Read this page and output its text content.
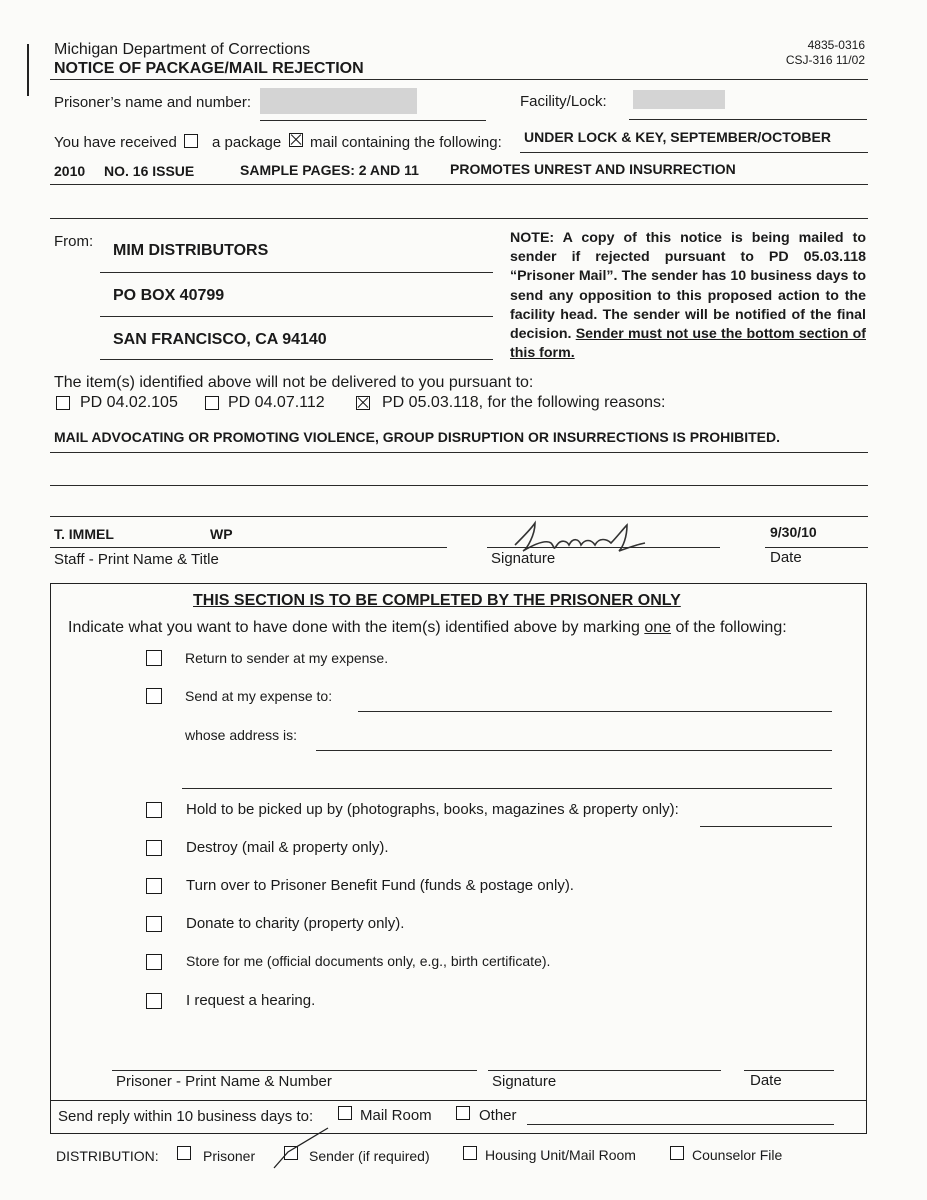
Michigan Department of Corrections
NOTICE OF PACKAGE/MAIL REJECTION
4835-0316
CSJ-316 11/02
Prisoner’s name and number:	Facility/Lock:
You have received a package mail containing the following: UNDER LOCK & KEY, SEPTEMBER/OCTOBER
2010 NO. 16 ISSUE	SAMPLE PAGES: 2 AND 11 PROMOTES UNREST AND INSURRECTION
From:
MIM DISTRIBUTORS
PO BOX 40799
SAN FRANCISCO, CA 94140
NOTE: A copy of this notice is being mailed to sender if rejected pursuant to PD 05.03.118 “Prisoner Mail”. The sender has 10 business days to send any opposition to this proposed action to the facility head. The sender will be notified of the final decision. Sender must not use the bottom section of this form.
The item(s) identified above will not be delivered to you pursuant to:
PD 04.02.105	PD 04.07.112	PD 05.03.118, for the following reasons:
MAIL ADVOCATING OR PROMOTING VIOLENCE, GROUP DISRUPTION OR INSURRECTIONS IS PROHIBITED.
T. IMMEL	WP	9/30/10
Staff - Print Name & Title	Signature	Date
THIS SECTION IS TO BE COMPLETED BY THE PRISONER ONLY
Indicate what you want to have done with the item(s) identified above by marking one of the following:
Return to sender at my expense.
Send at my expense to:
whose address is:
Hold to be picked up by (photographs, books, magazines & property only):
Destroy (mail & property only).
Turn over to Prisoner Benefit Fund (funds & postage only).
Donate to charity (property only).
Store for me (official documents only, e.g., birth certificate).
I request a hearing.
Prisoner - Print Name & Number	Signature	Date
Send reply within 10 business days to:	Mail Room	Other
DISTRIBUTION:	Prisoner	Sender (if required)	Housing Unit/Mail Room	Counselor File
